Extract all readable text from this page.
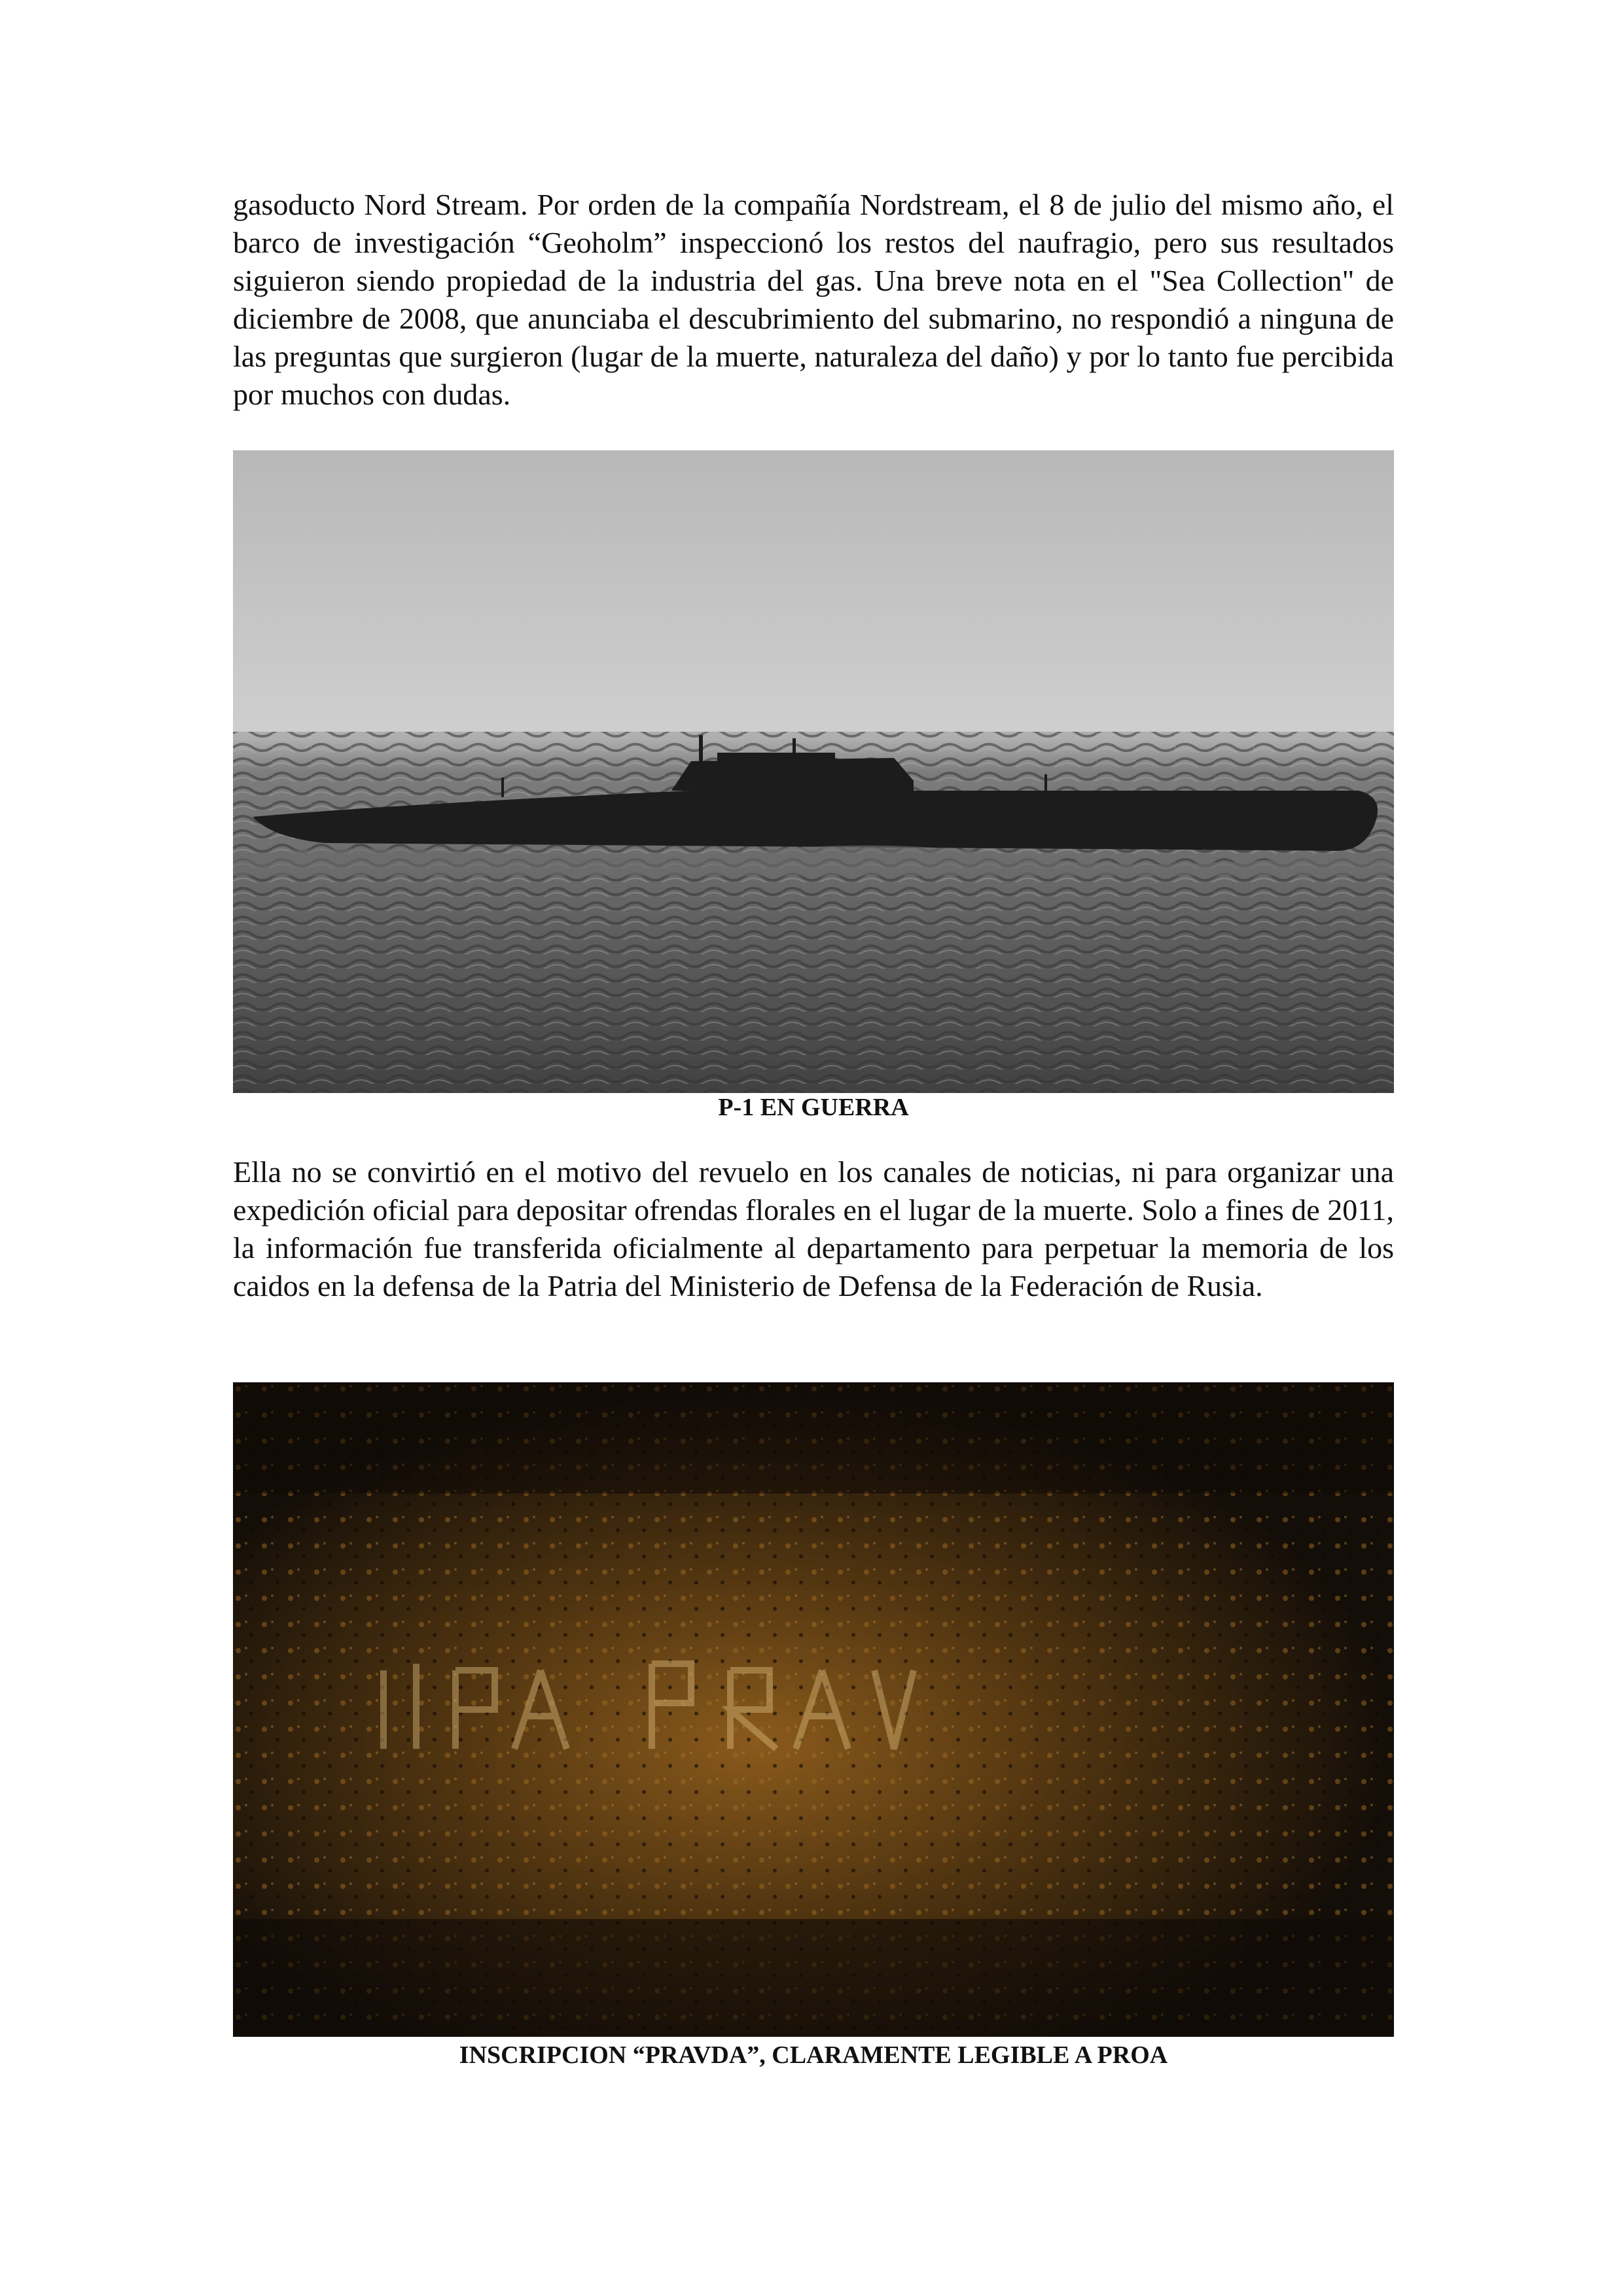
gasoducto Nord Stream. Por orden de la compañía Nordstream, el 8 de julio del mismo año, el barco de investigación “Geoholm” inspeccionó los restos del naufragio, pero sus resultados siguieron siendo propiedad de la industria del gas. Una breve nota en el "Sea Collection" de diciembre de 2008, que anunciaba el descubrimiento del submarino, no respondió a ninguna de las preguntas que surgieron (lugar de la muerte, naturaleza del daño) y por lo tanto fue percibida por muchos con dudas.

P-1 EN GUERRA

Ella no se convirtió en el motivo del revuelo en los canales de noticias, ni para organizar una expedición oficial para depositar ofrendas florales en el lugar de la muerte. Solo a fines de 2011, la información fue transferida oficialmente al departamento para perpetuar la memoria de los caidos en la defensa de la Patria del Ministerio de Defensa de la Federación de Rusia.

INSCRIPCION “PRAVDA”, CLARAMENTE LEGIBLE A PROA
